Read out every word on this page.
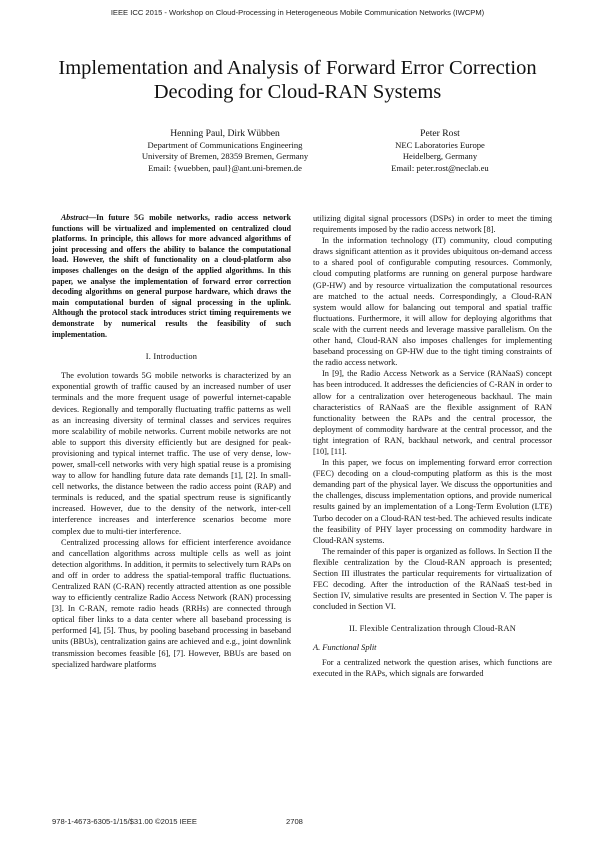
IEEE ICC 2015 - Workshop on Cloud-Processing in Heterogeneous Mobile Communication Networks (IWCPM)
Implementation and Analysis of Forward Error Correction Decoding for Cloud-RAN Systems
Henning Paul, Dirk Wübben
Department of Communications Engineering
University of Bremen, 28359 Bremen, Germany
Email: {wuebben, paul}@ant.uni-bremen.de
Peter Rost
NEC Laboratories Europe
Heidelberg, Germany
Email: peter.rost@neclab.eu

Abstract—In future 5G mobile networks, radio access network functions will be virtualized and implemented on centralized cloud platforms. In principle, this allows for more advanced algorithms of joint processing and offers the ability to balance the computational load. However, the shift of functionality on a cloud-platform also imposes challenges on the design of the applied algorithms. In this paper, we analyse the implementation of forward error correction decoding algorithms on general purpose hardware, which draws the main computational burden of signal processing in the uplink. Although the protocol stack introduces strict timing requirements we demonstrate by numerical results the feasibility of such implementation.

I. Introduction

The evolution towards 5G mobile networks is characterized by an exponential growth of traffic caused by an increased number of user terminals and the more frequent usage of powerful internet-capable devices. Regionally and temporally fluctuating traffic patterns as well as an increasing diversity of terminal classes and services requires more scalability of mobile networks. Current mobile networks are not able to support this diversity efficiently but are designed for peak-provisioning and typical internet traffic. The use of very dense, low-power, small-cell networks with very high spatial reuse is a promising way to allow for handling future data rate demands [1], [2]. In small-cell networks, the distance between the radio access point (RAP) and terminals is reduced, and the spatial spectrum reuse is significantly increased. However, due to the density of the network, inter-cell interference increases and interference scenarios become more complex due to multi-tier interference.

Centralized processing allows for efficient interference avoidance and cancellation algorithms across multiple cells as well as joint detection algorithms. In addition, it permits to selectively turn RAPs on and off in order to address the spatial-temporal traffic fluctuations. Centralized RAN (C-RAN) recently attracted attention as one possible way to efficiently centralize Radio Access Network (RAN) processing [3]. In C-RAN, remote radio heads (RRHs) are connected through optical fiber links to a data center where all baseband processing is performed [4], [5]. Thus, by pooling baseband processing in baseband units (BBUs), centralization gains are achieved and e.g., joint downlink transmission becomes feasible [6], [7]. However, BBUs are based on specialized hardware platforms

utilizing digital signal processors (DSPs) in order to meet the timing requirements imposed by the radio access network [8].

In the information technology (IT) community, cloud computing draws significant attention as it provides ubiquitous on-demand access to a shared pool of configurable computing resources. Commonly, cloud computing platforms are running on general purpose hardware (GP-HW) and by resource virtualization the computational resources are matched to the actual needs. Correspondingly, a Cloud-RAN system would allow for balancing out temporal and spatial traffic fluctuations. Furthermore, it will allow for deploying algorithms that scale with the current needs and leverage massive parallelism. On the other hand, Cloud-RAN also imposes challenges for implementing baseband processing on GP-HW due to the tight timing constraints of the radio access network.

In [9], the Radio Access Network as a Service (RANaaS) concept has been introduced. It addresses the deficiencies of C-RAN in order to allow for a centralization over heterogeneous backhaul. The main characteristics of RANaaS are the flexible assignment of RAN functionality between the RAPs and the central processor, the deployment of commodity hardware at the central processor, and the tight integration of RAN, backhaul network, and central processor [10], [11].

In this paper, we focus on implementing forward error correction (FEC) decoding on a cloud-computing platform as this is the most demanding part of the physical layer. We discuss the opportunities and the challenges, discuss implementation options, and provide numerical results gained by an implementation of a Long-Term Evolution (LTE) Turbo decoder on a Cloud-RAN test-bed. The achieved results indicate the feasibility of PHY layer processing on commodity hardware in Cloud-RAN systems.

The remainder of this paper is organized as follows. In Section II the flexible centralization by the Cloud-RAN approach is presented; Section III illustrates the particular requirements for virtualization of FEC decoding. After the introduction of the RANaaS test-bed in Section IV, simulative results are presented in Section V. The paper is concluded in Section VI.

II. Flexible Centralization through Cloud-RAN
A. Functional Split

For a centralized network the question arises, which functions are executed in the RAPs, which signals are forwarded

978-1-4673-6305-1/15/$31.00 ©2015 IEEE	2708
